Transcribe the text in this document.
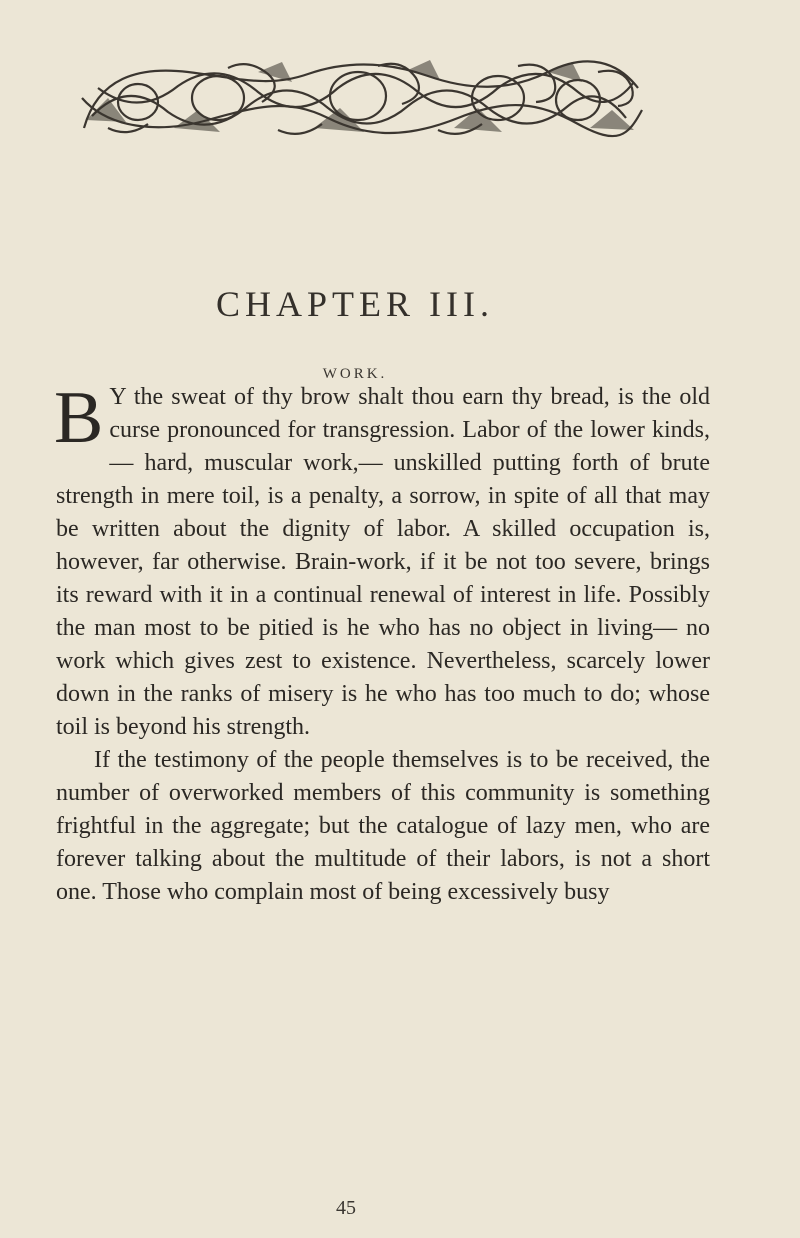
CHAPTER III.
WORK.

B Y the sweat of thy brow shalt thou earn thy bread, is the old curse pronounced for transgression. Labor of the lower kinds,— hard, muscular work,— unskilled putting forth of brute strength in mere toil, is a penalty, a sorrow, in spite of all that may be written about the dignity of labor. A skilled occupation is, however, far otherwise. Brain-work, if it be not too severe, brings its reward with it in a continual renewal of interest in life. Possibly the man most to be pitied is he who has no object in living— no work which gives zest to existence. Nevertheless, scarcely lower down in the ranks of misery is he who has too much to do; whose toil is beyond his strength.

If the testimony of the people themselves is to be received, the number of overworked members of this community is something frightful in the aggregate; but the catalogue of lazy men, who are forever talking about the multitude of their labors, is not a short one. Those who complain most of being excessively busy

45
